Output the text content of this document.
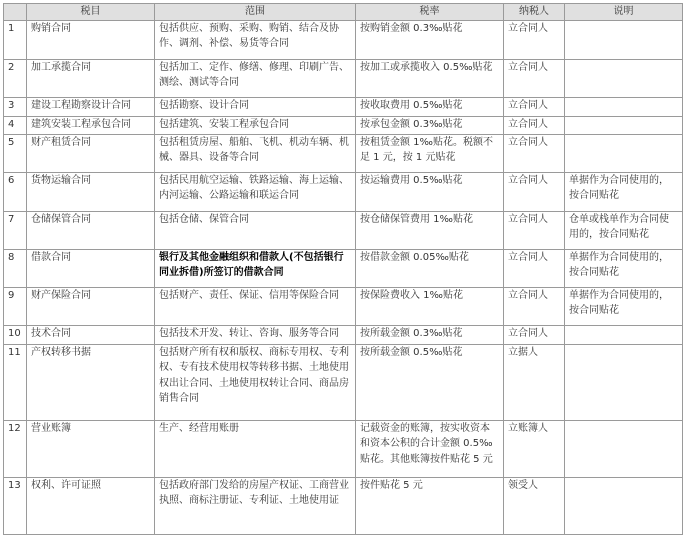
	税目	范围	税率	纳税人	说明
1	购销合同	包括供应、预购、采购、购销、结合及协作、调剂、补偿、易货等合同	按购销金额 0.3‰贴花	立合同人	
2	加工承揽合同	包括加工、定作、修缮、修理、印刷广告、测绘、测试等合同	按加工或承揽收入 0.5‰贴花	立合同人	
3	建设工程勘察设计合同	包括勘察、设计合同	按收取费用 0.5‰贴花	立合同人	
4	建筑安装工程承包合同	包括建筑、安装工程承包合同	按承包金额 0.3‰贴花	立合同人	
5	财产租赁合同	包括租赁房屋、船舶、飞机、机动车辆、机械、器具、设备等合同	按租赁金额 1‰贴花。税额不足 1 元，按 1 元贴花	立合同人	
6	货物运输合同	包括民用航空运输、铁路运输、海上运输、内河运输、公路运输和联运合同	按运输费用 0.5‰贴花	立合同人	单据作为合同使用的，按合同贴花
7	仓储保管合同	包括仓储、保管合同	按仓储保管费用 1‰贴花	立合同人	仓单或栈单作为合同使用的，按合同贴花
8	借款合同	银行及其他金融组织和借款人(不包括银行同业拆借)所签订的借款合同	按借款金额 0.05‰贴花	立合同人	单据作为合同使用的，按合同贴花
9	财产保险合同	包括财产、责任、保证、信用等保险合同	按保险费收入 1‰贴花	立合同人	单据作为合同使用的，按合同贴花
10	技术合同	包括技术开发、转让、咨询、服务等合同	按所载金额 0.3‰贴花	立合同人	
11	产权转移书据	包括财产所有权和版权、商标专用权、专利权、专有技术使用权等转移书据、土地使用权出让合同、土地使用权转让合同、商品房销售合同	按所载金额 0.5‰贴花	立据人	
12	营业账簿	生产、经营用账册	记载资金的账簿，按实收资本和资本公积的合计金额 0.5‰贴花。其他账簿按件贴花 5 元	立账簿人	
13	权利、许可证照	包括政府部门发给的房屋产权证、工商营业执照、商标注册证、专利证、土地使用证	按件贴花 5 元	领受人	
